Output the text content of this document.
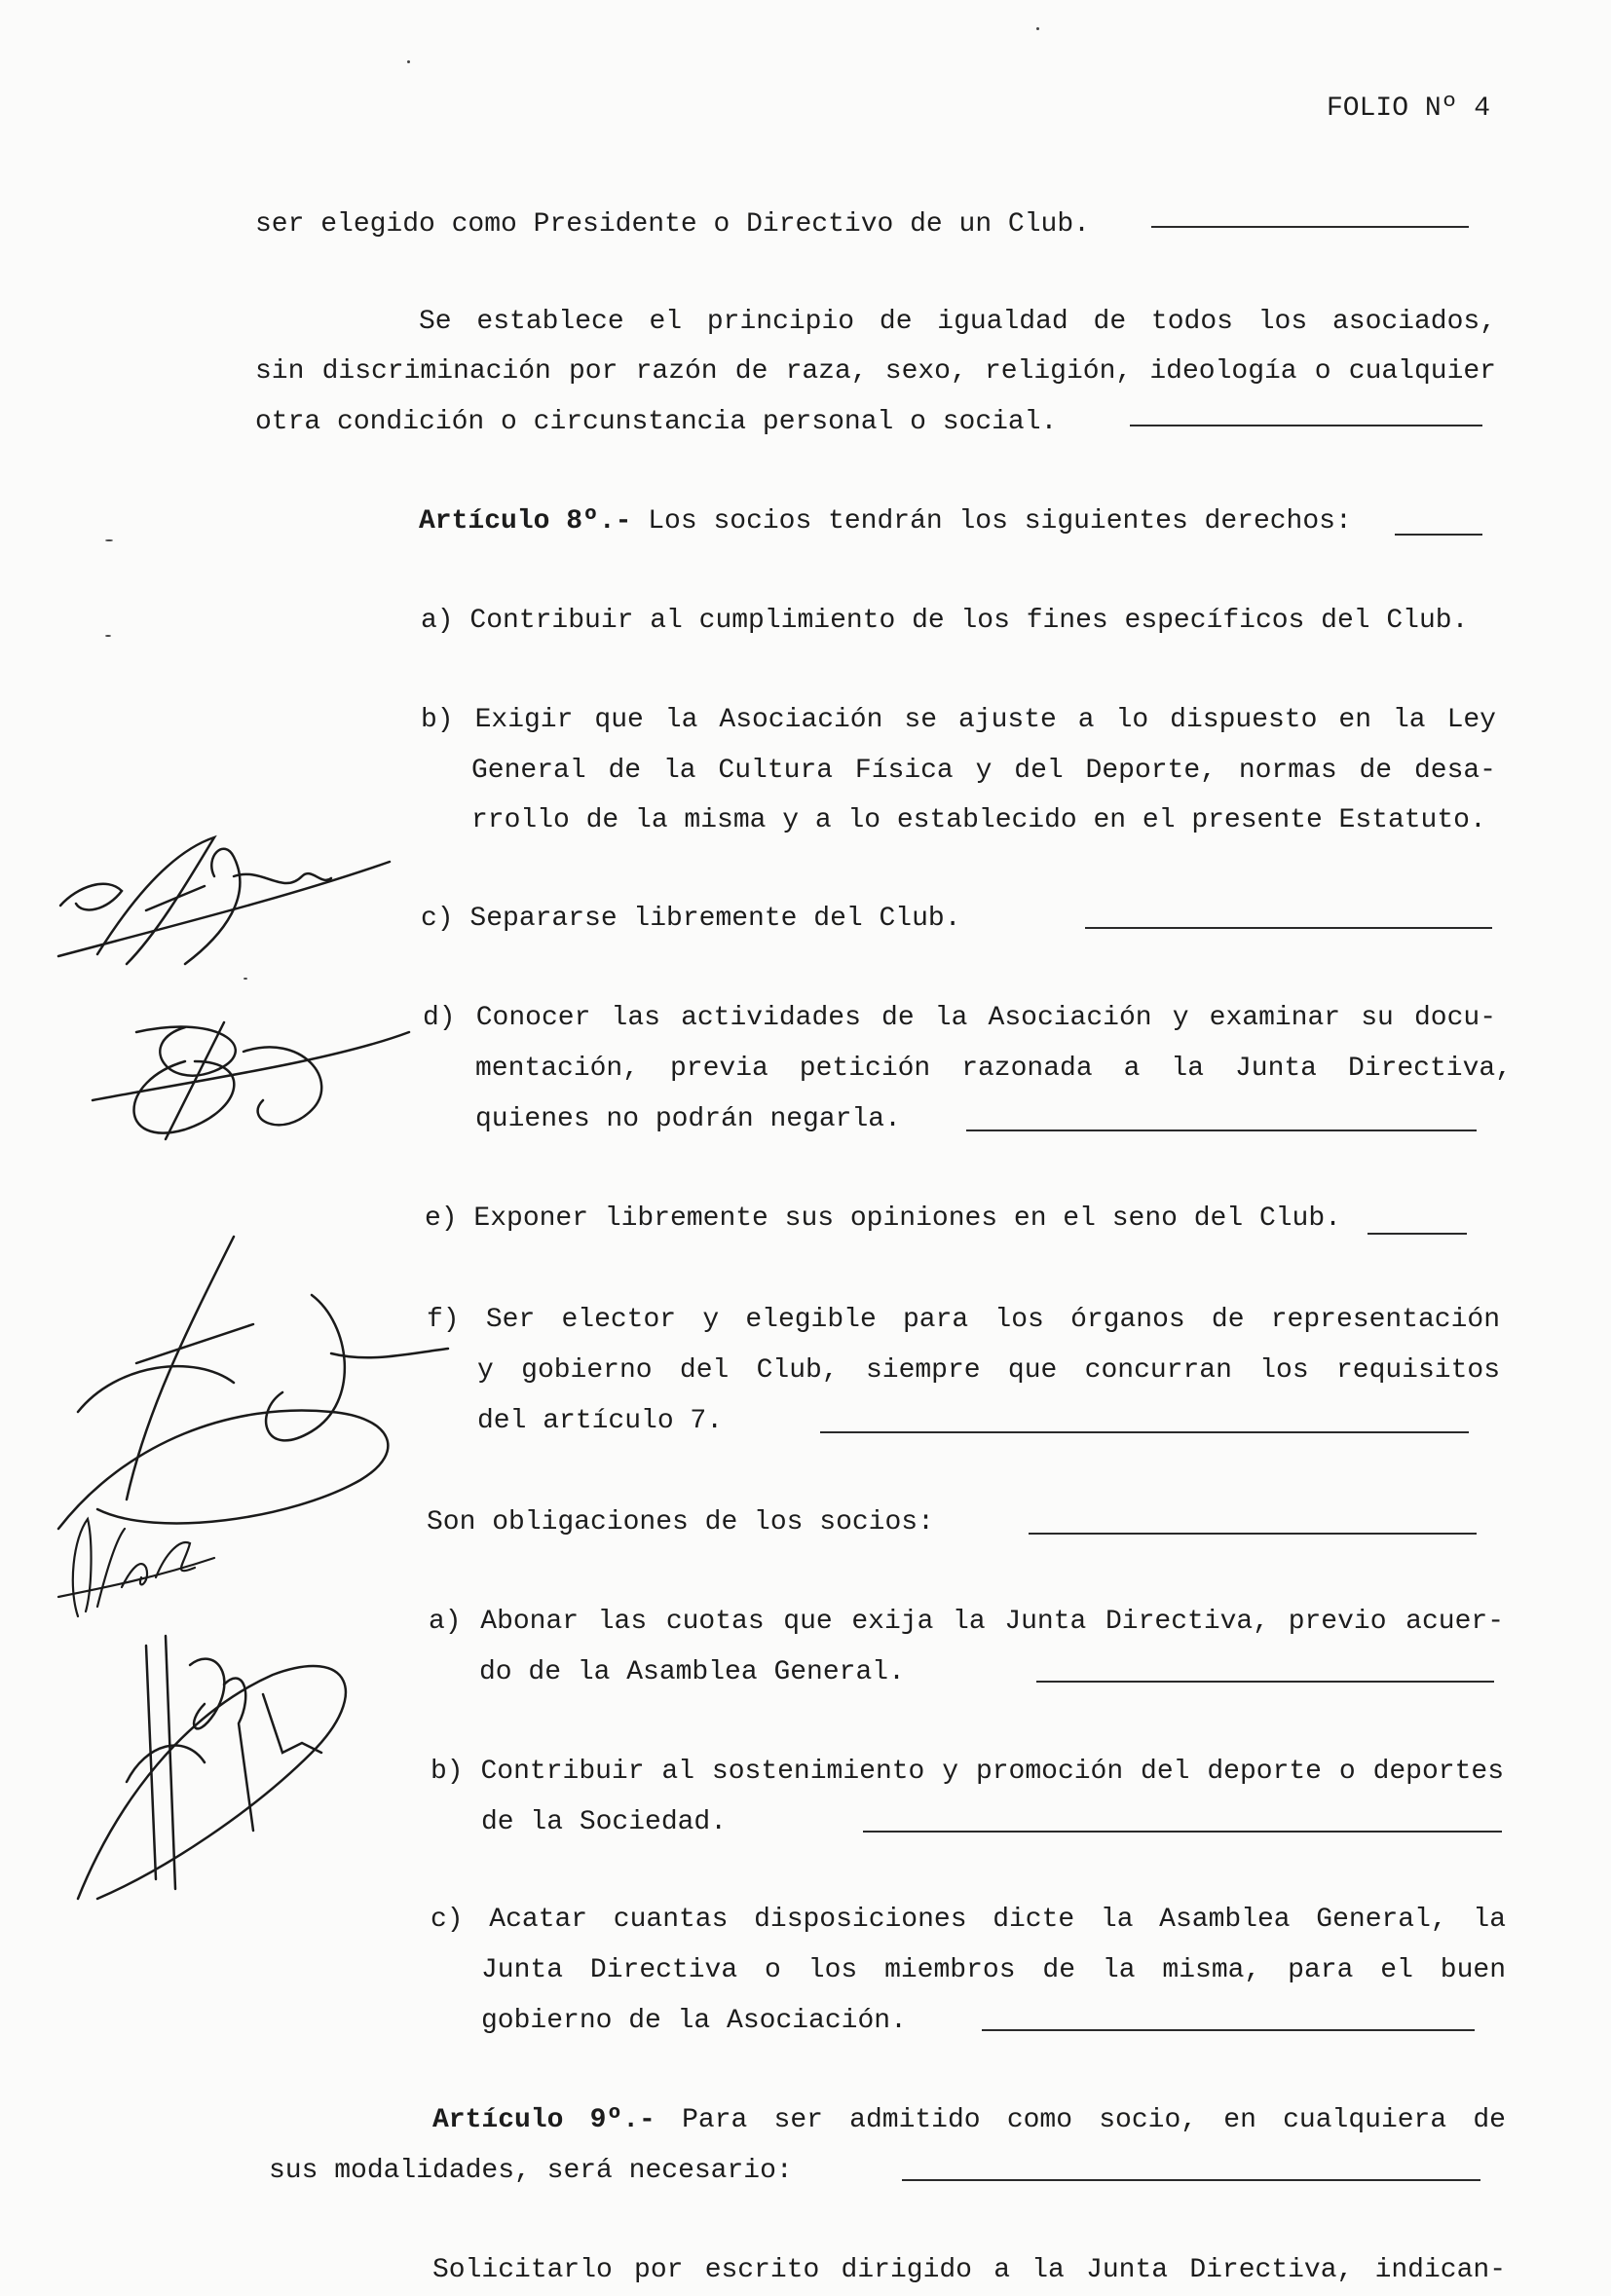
FOLIO Nº 4
ser elegido como Presidente o Directivo de un Club.
Se establece el principio de igualdad de todos los asociados,
sin discriminación por razón de raza, sexo, religión, ideología o cualquier
otra condición o circunstancia personal o social.
Artículo 8º.- Los socios tendrán los siguientes derechos:
a) Contribuir al cumplimiento de los fines específicos del Club.
b) Exigir que la Asociación se ajuste a lo dispuesto en la Ley
General de la Cultura Física y del Deporte, normas de desa-
rrollo de la misma y a lo establecido en el presente Estatuto.
c) Separarse libremente del Club.
d) Conocer las actividades de la Asociación y examinar su docu-
mentación, previa petición razonada a la Junta Directiva,
quienes no podrán negarla.
e) Exponer libremente sus opiniones en el seno del Club.
f) Ser elector y elegible para los órganos de representación
y gobierno del Club, siempre que concurran los requisitos
del artículo 7.
Son obligaciones de los socios:
a) Abonar las cuotas que exija la Junta Directiva, previo acuer-
do de la Asamblea General.
b) Contribuir al sostenimiento y promoción del deporte o deportes
de la Sociedad.
c) Acatar cuantas disposiciones dicte la Asamblea General, la
Junta Directiva o los miembros de la misma, para el buen
gobierno de la Asociación.
Artículo 9º.- Para ser admitido como socio, en cualquiera de
sus modalidades, será necesario:
Solicitarlo por escrito dirigido a la Junta Directiva, indican-
